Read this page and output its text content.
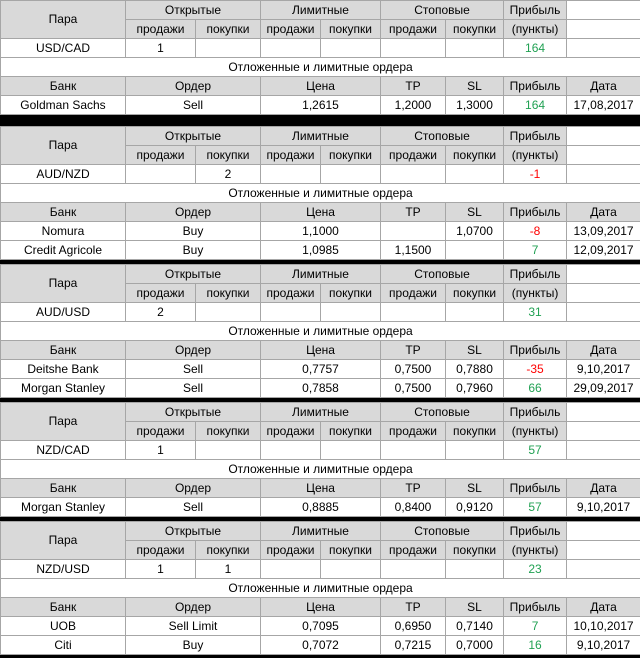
Пара	Открытые		Лимитные		Стоповые		Прибыль	
	продажи	покупки	продажи	покупки	продажи	покупки	(пункты)	
USD/CAD	1						164	
Отложенные и лимитные ордера								
Банк	Ордер		Цена		TP	SL	Прибыль	Дата
Goldman Sachs	Sell		1,2615		1,2000	1,3000	164	17,08,2017
Пара	Открытые		Лимитные		Стоповые		Прибыль	
	продажи	покупки	продажи	покупки	продажи	покупки	(пункты)	
AUD/NZD		2					-1	
Отложенные и лимитные ордера								
Банк	Ордер		Цена		TP	SL	Прибыль	Дата
Nomura	Buy		1,1000			1,0700	-8	13,09,2017
Credit Agricole	Buy		1,0985		1,1500		7	12,09,2017
Пара	Открытые		Лимитные		Стоповые		Прибыль	
	продажи	покупки	продажи	покупки	продажи	покупки	(пункты)	
AUD/USD	2						31	
Отложенные и лимитные ордера								
Банк	Ордер		Цена		TP	SL	Прибыль	Дата
Deitshe Bank	Sell		0,7757		0,7500	0,7880	-35	9,10,2017
Morgan Stanley	Sell		0,7858		0,7500	0,7960	66	29,09,2017
Пара	Открытые		Лимитные		Стоповые		Прибыль	
	продажи	покупки	продажи	покупки	продажи	покупки	(пункты)	
NZD/CAD	1						57	
Отложенные и лимитные ордера								
Банк	Ордер		Цена		TP	SL	Прибыль	Дата
Morgan Stanley	Sell		0,8885		0,8400	0,9120	57	9,10,2017
Пара	Открытые		Лимитные		Стоповые		Прибыль	
	продажи	покупки	продажи	покупки	продажи	покупки	(пункты)	
NZD/USD	1	1					23	
Отложенные и лимитные ордера								
Банк	Ордер		Цена		TP	SL	Прибыль	Дата
UOB	Sell Limit		0,7095		0,6950	0,7140	7	10,10,2017
Citi	Buy		0,7072		0,7215	0,7000	16	9,10,2017
